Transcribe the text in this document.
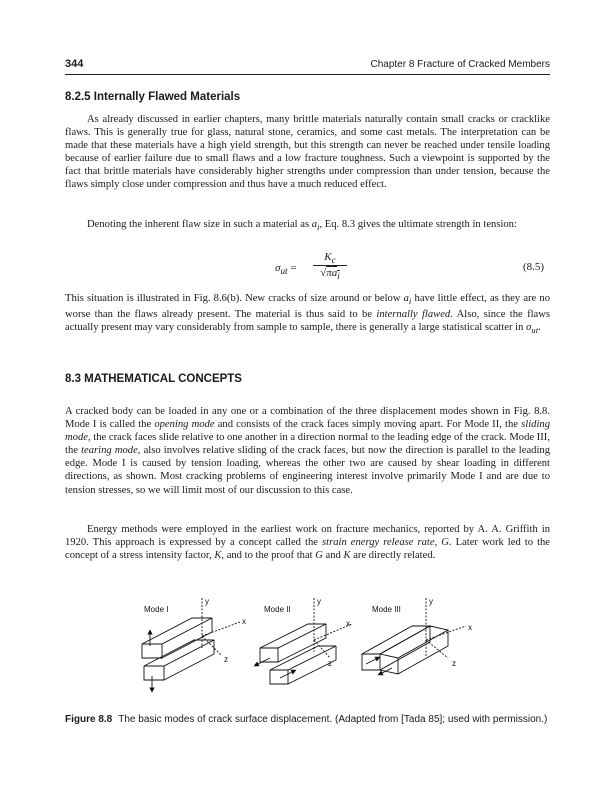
344	Chapter 8 Fracture of Cracked Members
8.2.5 Internally Flawed Materials
As already discussed in earlier chapters, many brittle materials naturally contain small cracks or cracklike flaws. This is generally true for glass, natural stone, ceramics, and some cast metals. The interpretation can be made that these materials have a high yield strength, but this strength can never be reached under tensile loading because of earlier failure due to small flaws and a low fracture toughness. Such a viewpoint is supported by the fact that brittle materials have considerably higher strengths under compression than under tension, because the flaws simply close under compression and thus have a much reduced effect.
Denoting the inherent flaw size in such a material as $a_i$, Eq. 8.3 gives the ultimate strength in tension:
$\sigma_{ut}$ =
$K_c$
$√\pi a_i$
(8.5)
This situation is illustrated in Fig. 8.6(b). New cracks of size around or below $a_i$ have little effect, as they are no worse than the flaws already present. The material is thus said to be internally flawed. Also, since the flaws actually present may vary considerably from sample to sample, there is generally a large statistical scatter in $\sigma_{ut}$.
8.3 MATHEMATICAL CONCEPTS
A cracked body can be loaded in any one or a combination of the three displacement modes shown in Fig. 8.8. Mode I is called the opening mode and consists of the crack faces simply moving apart. For Mode II, the sliding mode, the crack faces slide relative to one another in a direction normal to the leading edge of the crack. Mode III, the tearing mode, also involves relative sliding of the crack faces, but now the direction is parallel to the leading edge. Mode I is caused by tension loading, whereas the other two are caused by shear loading in different directions, as shown. Most cracking problems of engineering interest involve primarily Mode I and are due to tension stresses, so we will limit most of our discussion to this case.
Energy methods were employed in the earliest work on fracture mechanics, reported by A. A. Griffith in 1920. This approach is expressed by a concept called the strain energy release rate, G. Later work led to the concept of a stress intensity factor, K, and to the proof that G and K are directly related.
Mode I
y
x
z
Mode II
y
x
z
Mode III
y
x
z
Figure 8.8 The basic modes of crack surface displacement. (Adapted from [Tada 85]; used with permission.)
